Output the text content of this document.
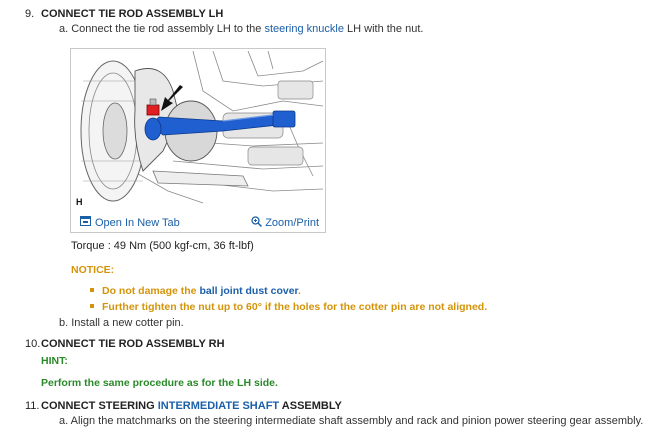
9. CONNECT TIE ROD ASSEMBLY LH
a. Connect the tie rod assembly LH to the steering knuckle LH with the nut.
H
Open In New Tab	Zoom/Print
Torque : 49 Nm (500 kgf-cm, 36 ft-lbf)
NOTICE:
Do not damage the ball joint dust cover.
Further tighten the nut up to 60° if the holes for the cotter pin are not aligned.
b. Install a new cotter pin.
10.CONNECT TIE ROD ASSEMBLY RH
HINT:
Perform the same procedure as for the LH side.
11. CONNECT STEERING INTERMEDIATE SHAFT ASSEMBLY
a. Align the matchmarks on the steering intermediate shaft assembly and rack and pinion power steering gear assembly.
